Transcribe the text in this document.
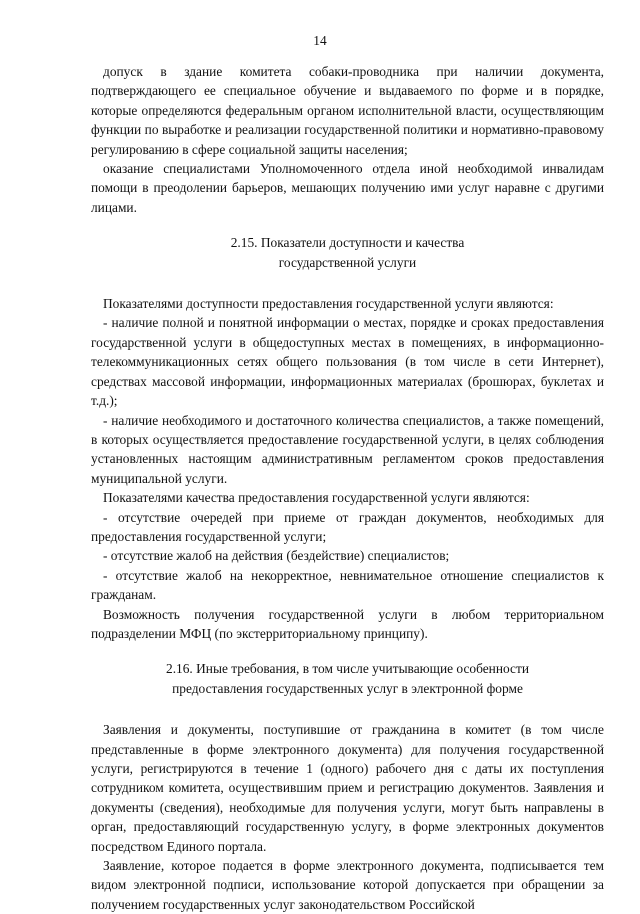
14

допуск в здание комитета собаки-проводника при наличии документа, подтверждающего ее специальное обучение и выдаваемого по форме и в порядке, которые определяются федеральным органом исполнительной власти, осуществляющим функции по выработке и реализации государственной политики и нормативно-правовому регулированию в сфере социальной защиты населения;

оказание специалистами Уполномоченного отдела иной необходимой инвалидам помощи в преодолении барьеров, мешающих получению ими услуг наравне с другими лицами.

2.15. Показатели доступности и качества
государственной услуги

Показателями доступности предоставления государственной услуги являются:

- наличие полной и понятной информации о местах, порядке и сроках предоставления государственной услуги в общедоступных местах в помещениях, в информационно-телекоммуникационных сетях общего пользования (в том числе в сети Интернет), средствах массовой информации, информационных материалах (брошюрах, буклетах и т.д.);

- наличие необходимого и достаточного количества специалистов, а также помещений, в которых осуществляется предоставление государственной услуги, в целях соблюдения установленных настоящим административным регламентом сроков предоставления муниципальной услуги.

Показателями качества предоставления государственной услуги являются:

- отсутствие очередей при приеме от граждан документов, необходимых для предоставления государственной услуги;

- отсутствие жалоб на действия (бездействие) специалистов;

- отсутствие жалоб на некорректное, невнимательное отношение специалистов к гражданам.

Возможность получения государственной услуги в любом территориальном подразделении МФЦ (по экстерриториальному принципу).

2.16. Иные требования, в том числе учитывающие особенности
предоставления государственных услуг в электронной форме

Заявления и документы, поступившие от гражданина в комитет (в том числе представленные в форме электронного документа) для получения государственной услуги, регистрируются в течение 1 (одного) рабочего дня с даты их поступления сотрудником комитета, осуществившим прием и регистрацию документов. Заявления и документы (сведения), необходимые для получения услуги, могут быть направлены в орган, предоставляющий государственную услугу, в форме электронных документов посредством Единого портала.

Заявление, которое подается в форме электронного документа, подписывается тем видом электронной подписи, использование которой допускается при обращении за получением государственных услуг законодательством Российской
